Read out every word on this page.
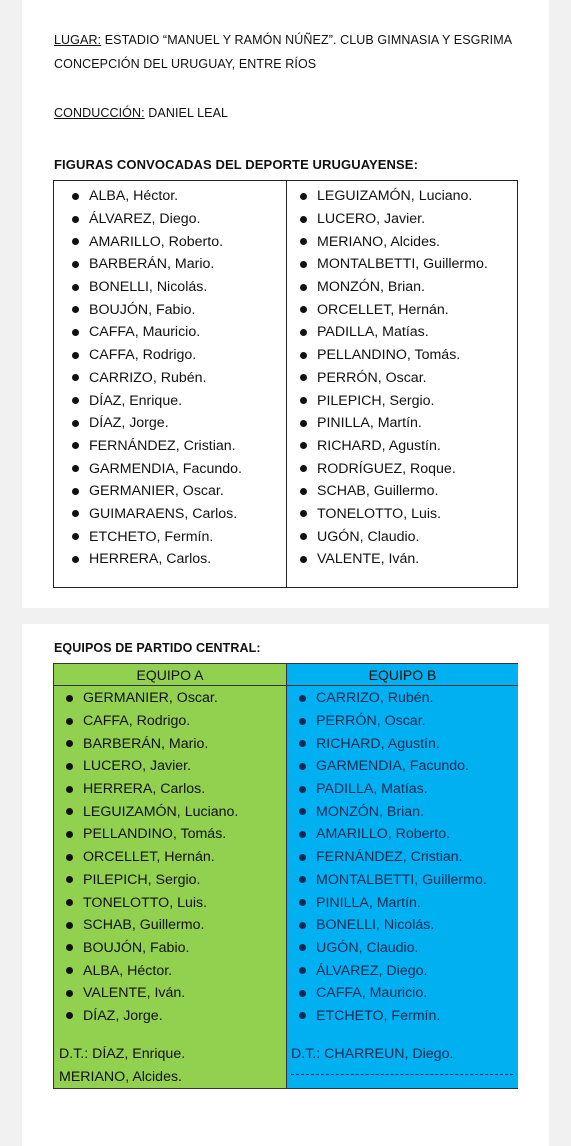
LUGAR: ESTADIO “MANUEL Y RAMÓN NÚÑEZ”. CLUB GIMNASIA Y ESGRIMA
CONCEPCIÓN DEL URUGUAY, ENTRE RÍOS
CONDUCCIÓN: DANIEL LEAL
FIGURAS CONVOCADAS DEL DEPORTE URUGUAYENSE:
ALBA, Héctor.
ÁLVAREZ, Diego.
AMARILLO, Roberto.
BARBERÁN, Mario.
BONELLI, Nicolás.
BOUJÓN, Fabio.
CAFFA, Mauricio.
CAFFA, Rodrigo.
CARRIZO, Rubén.
DÍAZ, Enrique.
DÍAZ, Jorge.
FERNÁNDEZ, Cristian.
GARMENDIA, Facundo.
GERMANIER, Oscar.
GUIMARAENS, Carlos.
ETCHETO, Fermín.
HERRERA, Carlos.
LEGUIZAMÓN, Luciano.
LUCERO, Javier.
MERIANO, Alcides.
MONTALBETTI, Guillermo.
MONZÓN, Brian.
ORCELLET, Hernán.
PADILLA, Matías.
PELLANDINO, Tomás.
PERRÓN, Oscar.
PILEPICH, Sergio.
PINILLA, Martín.
RICHARD, Agustín.
RODRÍGUEZ, Roque.
SCHAB, Guillermo.
TONELOTTO, Luis.
UGÓN, Claudio.
VALENTE, Iván.
EQUIPOS DE PARTIDO CENTRAL:
EQUIPO A
GERMANIER, Oscar.
CAFFA, Rodrigo.
BARBERÁN, Mario.
LUCERO, Javier.
HERRERA, Carlos.
LEGUIZAMÓN, Luciano.
PELLANDINO, Tomás.
ORCELLET, Hernán.
PILEPICH, Sergio.
TONELOTTO, Luis.
SCHAB, Guillermo.
BOUJÓN, Fabio.
ALBA, Héctor.
VALENTE, Iván.
DÍAZ, Jorge.
D.T.: DÍAZ, Enrique.
MERIANO, Alcides.
EQUIPO B
CARRIZO, Rubén.
PERRÓN, Oscar.
RICHARD, Agustín.
GARMENDIA, Facundo.
PADILLA, Matías.
MONZÓN, Brian.
AMARILLO, Roberto.
FERNÁNDEZ, Cristian.
MONTALBETTI, Guillermo.
PINILLA, Martín.
BONELLI, Nicolás.
UGÓN, Claudio.
ÁLVAREZ, Diego.
CAFFA, Mauricio.
ETCHETO, Fermín.
D.T.: CHARREUN, Diego.
